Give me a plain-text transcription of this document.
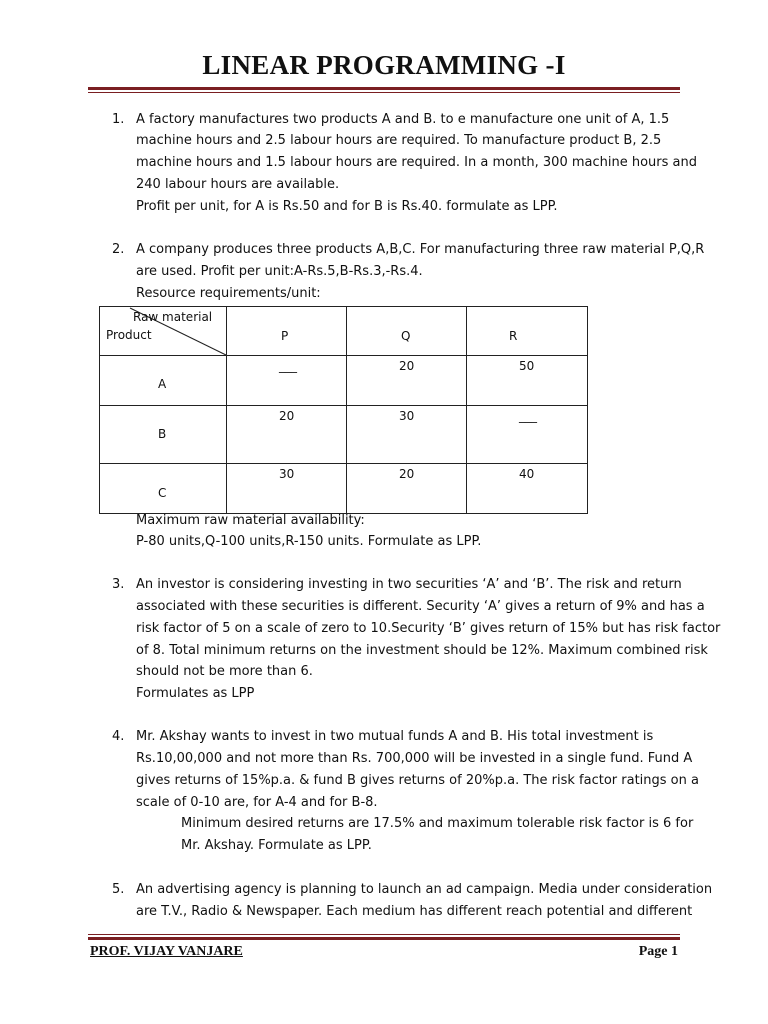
LINEAR PROGRAMMING -I
1. A factory manufactures two products A and B. to e manufacture one unit of A, 1.5
machine hours and 2.5 labour hours are required. To manufacture product B, 2.5
machine hours and 1.5 labour hours are required. In a month, 300 machine hours and
240 labour hours are available.
Profit per unit, for A is Rs.50 and for B is Rs.40. formulate as LPP.
2. A company produces three products A,B,C. For manufacturing three raw material P,Q,R
are used. Profit per unit:A-Rs.5,B-Rs.3,-Rs.4.
Resource requirements/unit:
Raw material
Product	P	Q	R

A	___	20	50

B	20	30	___

C	30	20	40
Maximum raw material availability:
P-80 units,Q-100 units,R-150 units. Formulate as LPP.
3. An investor is considering investing in two securities ‘A’ and ‘B’. The risk and return
associated with these securities is different. Security ‘A’ gives a return of 9% and has a
risk factor of 5 on a scale of zero to 10.Security ‘B’ gives return of 15% but has risk factor
of 8. Total minimum returns on the investment should be 12%. Maximum combined risk
should not be more than 6.
Formulates as LPP
4. Mr. Akshay wants to invest in two mutual funds A and B. His total investment is
Rs.10,00,000 and not more than Rs. 700,000 will be invested in a single fund. Fund A
gives returns of 15%p.a. & fund B gives returns of 20%p.a. The risk factor ratings on a
scale of 0-10 are, for A-4 and for B-8.
Minimum desired returns are 17.5% and maximum tolerable risk factor is 6 for
Mr. Akshay. Formulate as LPP.
5. An advertising agency is planning to launch an ad campaign. Media under consideration
are T.V., Radio & Newspaper. Each medium has different reach potential and different
PROF. VIJAY VANJARE	Page 1
